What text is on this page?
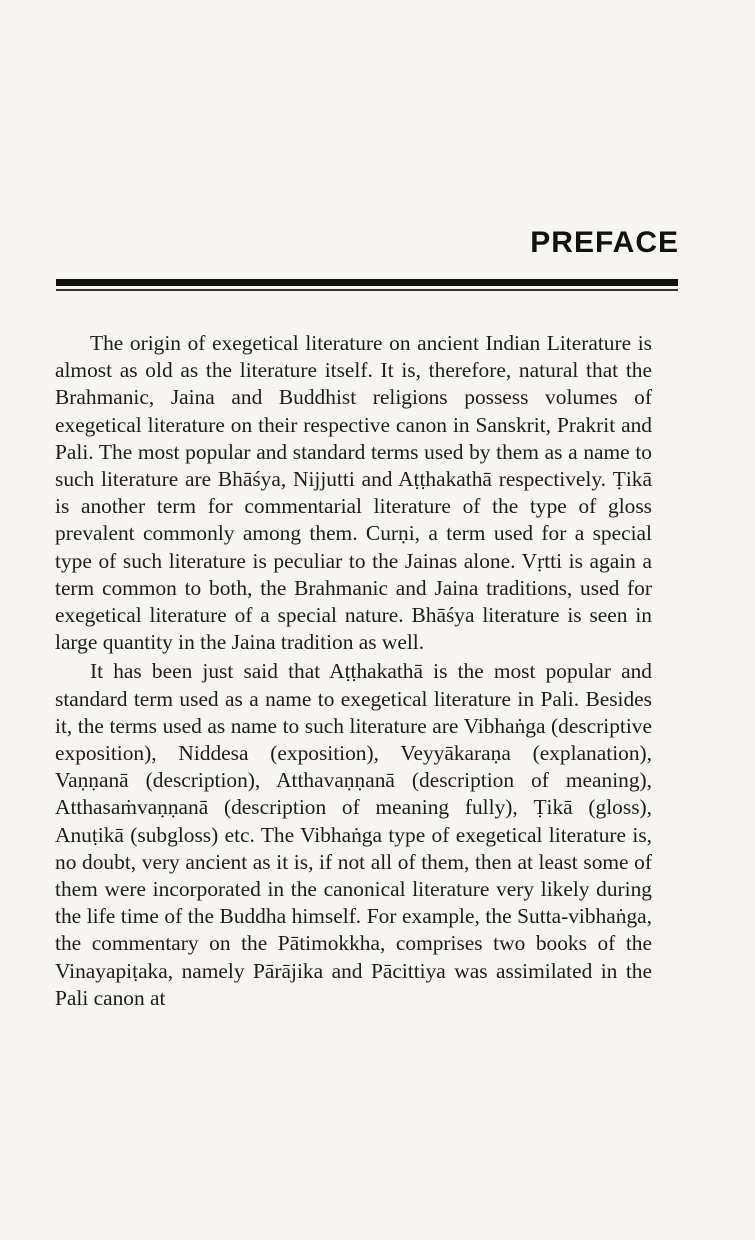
PREFACE

The origin of exegetical literature on ancient Indian Literature is almost as old as the literature itself. It is, therefore, natural that the Brahmanic, Jaina and Buddhist religions possess volumes of exegetical literature on their respective canon in Sanskrit, Prakrit and Pali. The most popular and standard terms used by them as a name to such literature are Bhāśya, Nijjutti and Aṭṭhakathā respectively. Ṭikā is another term for commentarial literature of the type of gloss prevalent commonly among them. Curṇi, a term used for a special type of such literature is peculiar to the Jainas alone. Vṛtti is again a term common to both, the Brahmanic and Jaina traditions, used for exegetical literature of a special nature. Bhāśya literature is seen in large quantity in the Jaina tradition as well.

It has been just said that Aṭṭhakathā is the most popular and standard term used as a name to exegetical literature in Pali. Besides it, the terms used as name to such literature are Vibhaṅga (descriptive exposition), Niddesa (exposition), Veyyākaraṇa (explanation), Vaṇṇanā (description), Atthavaṇṇanā (description of meaning), Atthasaṁvaṇṇanā (description of meaning fully), Ṭikā (gloss), Anuṭikā (subgloss) etc. The Vibhaṅga type of exegetical literature is, no doubt, very ancient as it is, if not all of them, then at least some of them were incorporated in the canonical literature very likely during the life time of the Buddha himself. For example, the Sutta-vibhaṅga, the commentary on the Pātimokkha, comprises two books of the Vinayapiṭaka, namely Pārājika and Pācittiya was assimilated in the Pali canon at
